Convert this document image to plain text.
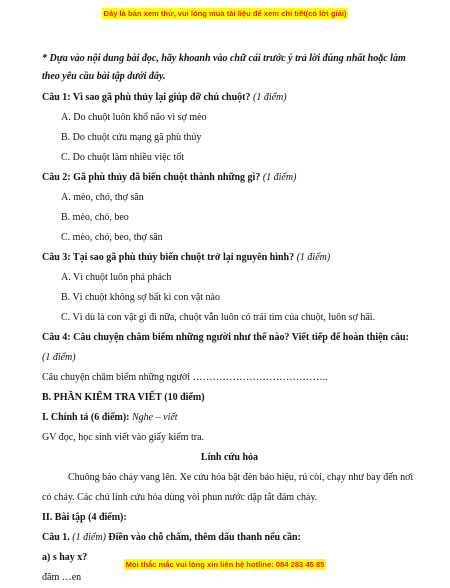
Đây là bản xem thử, vui lòng mua tài liệu để xem chi tiết(có lời giải)

* Dựa vào nội dung bài đọc, hãy khoanh vào chữ cái trước ý trả lời đúng nhất hoặc làm theo yêu cầu bài tập dưới đây.

Câu 1: Vì sao gã phù thủy lại giúp đỡ chú chuột? (1 điểm)

A. Do chuột luôn khổ não vì sợ mèo

B. Do chuột cứu mạng gã phù thủy

C. Do chuột làm nhiều việc tốt

Câu 2: Gã phù thủy đã biến chuột thành những gì? (1 điểm)

A. mèo, chó, thợ săn

B. mèo, chó, beo

C. mèo, chó, beo, thợ săn

Câu 3: Tại sao gã phù thủy biến chuột trở lại nguyên hình? (1 điểm)

A. Vì chuột luôn phá phách

B. Vì chuột không sợ bất kì con vật nào

C. Vì dù là con vật gì đi nữa, chuột vẫn luôn có trái tim của chuột, luôn sợ hãi.

Câu 4: Câu chuyện châm biếm những người như thế nào? Viết tiếp để hoàn thiện câu: (1 điểm)

Câu chuyện châm biếm những người …………………………………..

B. PHẦN KIỂM TRA VIẾT (10 điểm)

I. Chính tả (6 điểm): Nghe – viết

GV đọc, học sinh viết vào giấy kiểm tra.

Lính cứu hỏa

Chuông báo cháy vang lên. Xe cứu hỏa bật đèn báo hiệu, rú còi, chạy như bay đến nơi có cháy. Các chú lính cứu hỏa dùng vòi phun nước dập tắt đám cháy.

II. Bài tập (4 điểm):

Câu 1. (1 điểm) Điền vào chỗ chấm, thêm dấu thanh nếu cần:

a) s hay x?

đăm …en

Mọi thắc mắc vui lòng xin liên hệ hotline: 084 283 45 85
